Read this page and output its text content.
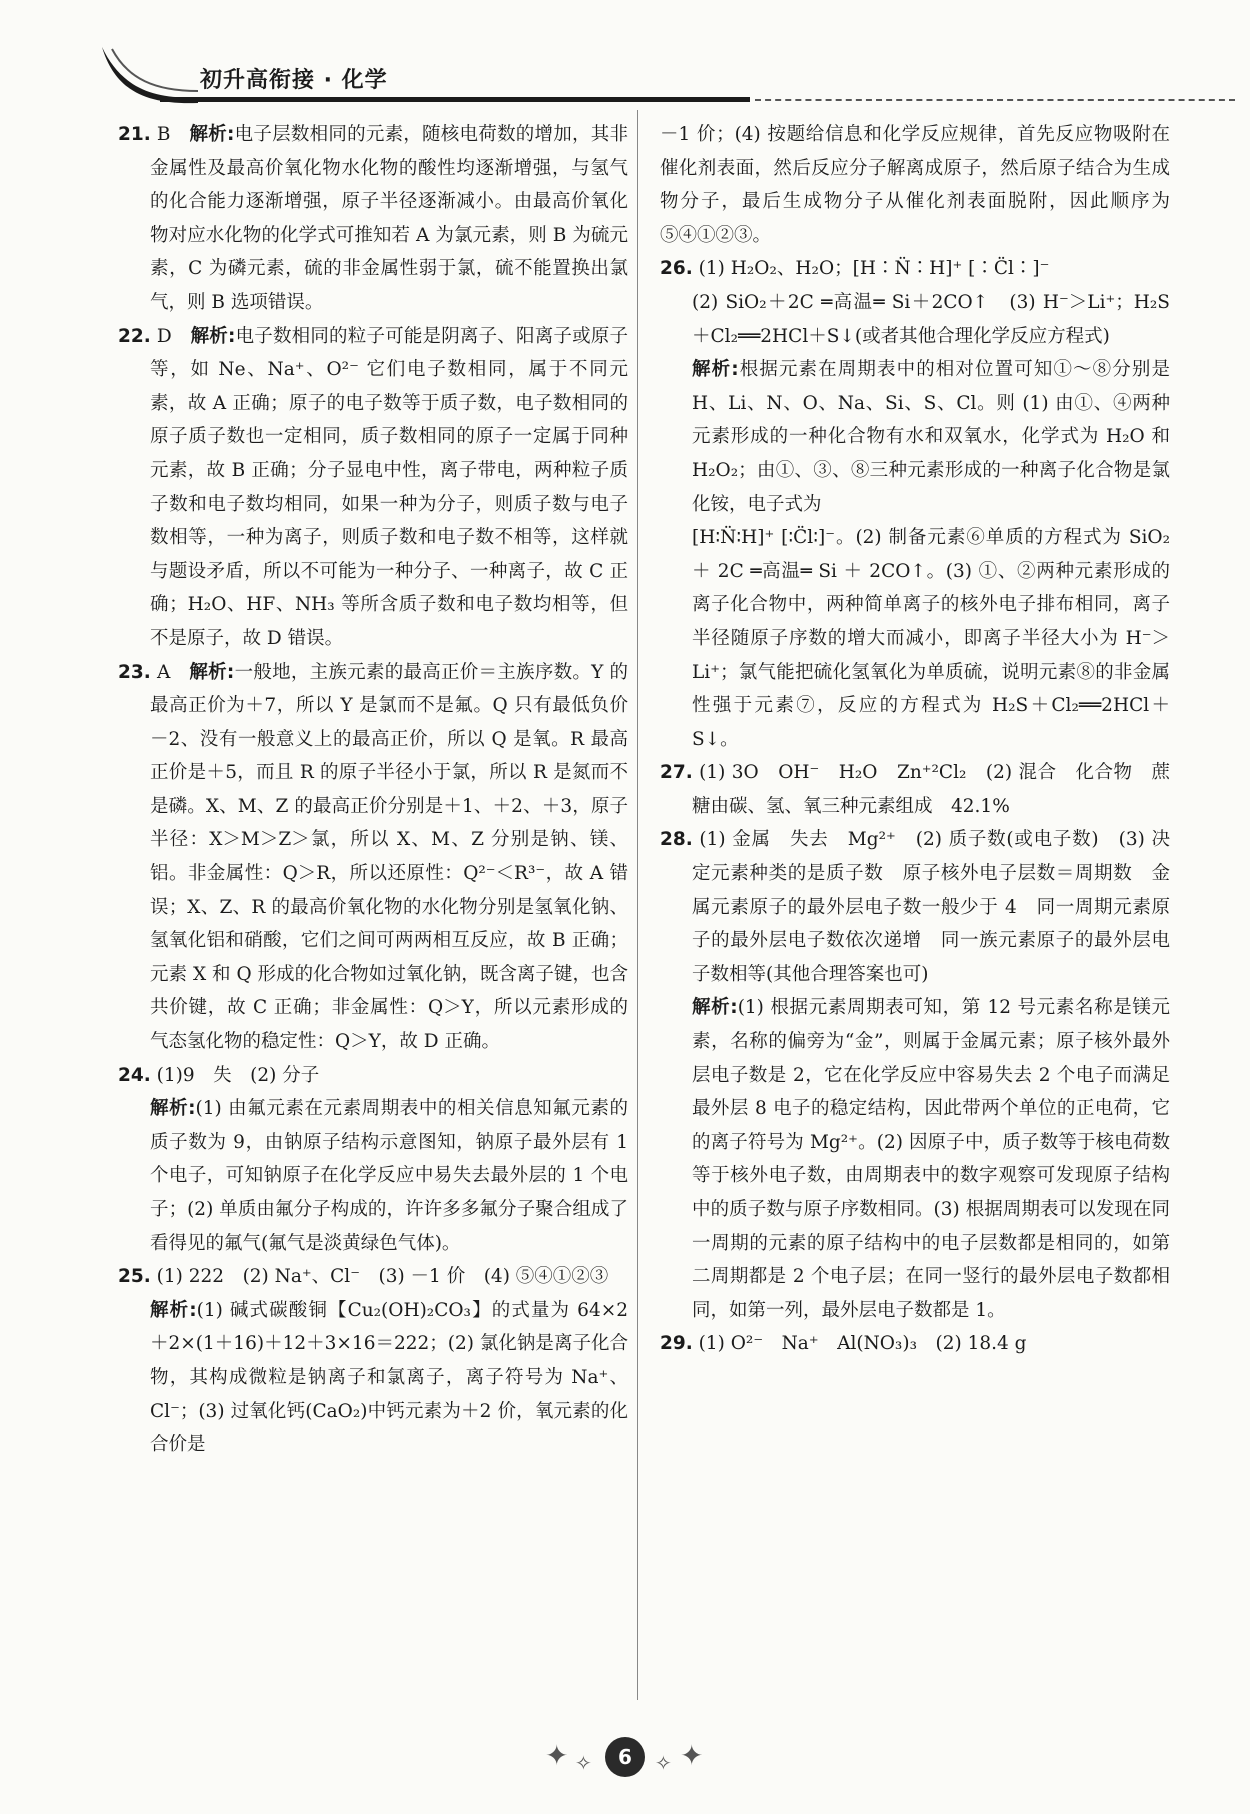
初升高衔接 · 化学

21. B　 解析:电子层数相同的元素，随核电荷数的增加，其非金属性及最高价氧化物水化物的酸性均逐渐增强，与氢气的化合能力逐渐增强，原子半径逐渐减小。由最高价氧化物对应水化物的化学式可推知若 A 为氯元素，则 B 为硫元素，C 为磷元素，硫的非金属性弱于氯，硫不能置换出氯气，则 B 选项错误。

22. D　 解析:电子数相同的粒子可能是阴离子、阳离子或原子等，如 Ne、Na⁺、O²⁻ 它们电子数相同，属于不同元素，故 A 正确；原子的电子数等于质子数，电子数相同的原子质子数也一定相同，质子数相同的原子一定属于同种元素，故 B 正确；分子显电中性，离子带电，两种粒子质子数和电子数均相同，如果一种为分子，则质子数与电子数相等，一种为离子，则质子数和电子数不相等，这样就与题设矛盾，所以不可能为一种分子、一种离子，故 C 正确；H₂O、HF、NH₃ 等所含质子数和电子数均相等，但不是原子，故 D 错误。

23. A　 解析:一般地，主族元素的最高正价＝主族序数。Y 的最高正价为＋7，所以 Y 是氯而不是氟。Q 只有最低负价－2、没有一般意义上的最高正价，所以 Q 是氧。R 最高正价是＋5，而且 R 的原子半径小于氯，所以 R 是氮而不是磷。X、M、Z 的最高正价分别是＋1、＋2、＋3，原子半径：X＞M＞Z＞氯，所以 X、M、Z 分别是钠、镁、铝。非金属性：Q＞R，所以还原性：Q²⁻＜R³⁻，故 A 错误；X、Z、R 的最高价氧化物的水化物分别是氢氧化钠、氢氧化铝和硝酸，它们之间可两两相互反应，故 B 正确；元素 X 和 Q 形成的化合物如过氧化钠，既含离子键，也含共价键，故 C 正确；非金属性：Q＞Y，所以元素形成的气态氢化物的稳定性：Q＞Y，故 D 正确。

24. (1)9　失　(2) 分子

解析:(1) 由氟元素在元素周期表中的相关信息知氟元素的质子数为 9，由钠原子结构示意图知，钠原子最外层有 1 个电子，可知钠原子在化学反应中易失去最外层的 1 个电子；(2) 单质由氟分子构成的，许许多多氟分子聚合组成了看得见的氟气(氟气是淡黄绿色气体)。

25. (1) 222　(2) Na⁺、Cl⁻　(3) －1 价　(4) ⑤④①②③

解析:(1) 碱式碳酸铜【Cu₂(OH)₂CO₃】的式量为 64×2＋2×(1＋16)＋12＋3×16＝222；(2) 氯化钠是离子化合物，其构成微粒是钠离子和氯离子，离子符号为 Na⁺、Cl⁻；(3) 过氧化钙(CaO₂)中钙元素为＋2 价，氧元素的化合价是

－1 价；(4) 按题给信息和化学反应规律，首先反应物吸附在催化剂表面，然后反应分子解离成原子，然后原子结合为生成物分子，最后生成物分子从催化剂表面脱附，因此顺序为⑤④①②③。

26. (1) H₂O₂、H₂O；[H∶N̈∶H]⁺ [∶C̈l∶]⁻

(2) SiO₂＋2C ═高温═ Si＋2CO↑　(3) H⁻＞Li⁺；H₂S＋Cl₂══2HCl＋S↓(或者其他合理化学反应方程式)

解析:根据元素在周期表中的相对位置可知①～⑧分别是 H、Li、N、O、Na、Si、S、Cl。则 (1) 由①、④两种元素形成的一种化合物有水和双氧水，化学式为 H₂O 和 H₂O₂；由①、③、⑧三种元素形成的一种离子化合物是氯化铵，电子式为

[H∶N̈∶H]⁺ [∶C̈l∶]⁻。(2) 制备元素⑥单质的方程式为 SiO₂ ＋ 2C ═高温═ Si ＋ 2CO↑。(3) ①、②两种元素形成的离子化合物中，两种简单离子的核外电子排布相同，离子半径随原子序数的增大而减小，即离子半径大小为 H⁻＞Li⁺；氯气能把硫化氢氧化为单质硫，说明元素⑧的非金属性强于元素⑦，反应的方程式为 H₂S＋Cl₂══2HCl＋S↓。

27. (1) 3O　OH⁻　H₂O　Zn⁺²Cl₂　(2) 混合　化合物　蔗糖由碳、氢、氧三种元素组成　42.1%

28. (1) 金属　失去　Mg²⁺　(2) 质子数(或电子数)　(3) 决定元素种类的是质子数　原子核外电子层数＝周期数　金属元素原子的最外层电子数一般少于 4　同一周期元素原子的最外层电子数依次递增　同一族元素原子的最外层电子数相等(其他合理答案也可)

解析:(1) 根据元素周期表可知，第 12 号元素名称是镁元素，名称的偏旁为“金”，则属于金属元素；原子核外最外层电子数是 2，它在化学反应中容易失去 2 个电子而满足最外层 8 电子的稳定结构，因此带两个单位的正电荷，它的离子符号为 Mg²⁺。(2) 因原子中，质子数等于核电荷数等于核外电子数，由周期表中的数字观察可发现原子结构中的质子数与原子序数相同。(3) 根据周期表可以发现在同一周期的元素的原子结构中的电子层数都是相同的，如第二周期都是 2 个电子层；在同一竖行的最外层电子数都相同，如第一列，最外层电子数都是 1。

29. (1) O²⁻　Na⁺　Al(NO₃)₃　(2) 18.4 g

✦ ✧	6	✧ ✦
